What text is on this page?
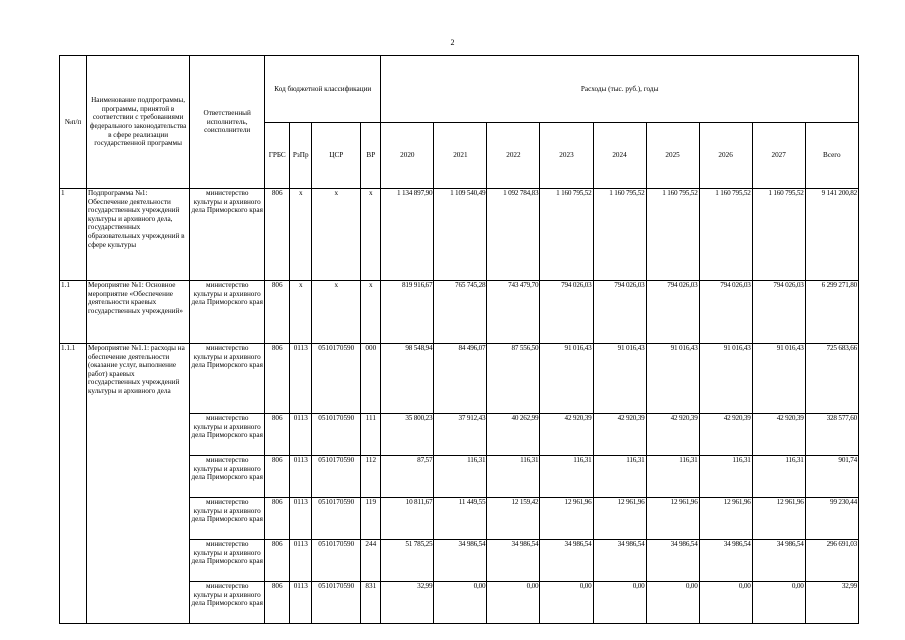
2
№п/п	Наименование подпрограммы, программы, принятой в соответствии с требованиями федерального законодательства в сфере реализации государственной программы	Ответственный исполнитель, соисполнители	Код бюджетной классификации				Расходы (тыс. руб.), годы								
			ГРБС	РзПр	ЦСР	ВР	2020	2021	2022	2023	2024	2025	2026	2027	Всего
1	Подпрограмма №1: Обеспечение деятельности государственных учреждений культуры и архивного дела, государственных образовательных учреждений в сфере культуры	министерство культуры и архивного дела Приморского края	806	x	x	x	1 134 897,90	1 109 540,49	1 092 784,83	1 160 795,52	1 160 795,52	1 160 795,52	1 160 795,52	1 160 795,52	9 141 200,82
1.1	Мероприятие №1: Основное мероприятие «Обеспечение деятельности краевых государственных учреждений»	министерство культуры и архивного дела Приморского края	806	x	x	x	819 916,67	765 745,28	743 479,70	794 026,03	794 026,03	794 026,03	794 026,03	794 026,03	6 299 271,80
1.1.1	Мероприятие №1.1: расходы на обеспечение деятельности (оказание услуг, выполнение работ) краевых государственных учреждений культуры и архивного дела	министерство культуры и архивного дела Приморского края	806	0113	0510170590	000	98 548,94	84 496,07	87 556,50	91 016,43	91 016,43	91 016,43	91 016,43	91 016,43	725 683,66
		министерство культуры и архивного дела Приморского края	806	0113	0510170590	111	35 800,23	37 912,43	40 262,99	42 920,39	42 920,39	42 920,39	42 920,39	42 920,39	328 577,60
		министерство культуры и архивного дела Приморского края	806	0113	0510170590	112	87,57	116,31	116,31	116,31	116,31	116,31	116,31	116,31	901,74
		министерство культуры и архивного дела Приморского края	806	0113	0510170590	119	10 811,67	11 449,55	12 159,42	12 961,96	12 961,96	12 961,96	12 961,96	12 961,96	99 230,44
		министерство культуры и архивного дела Приморского края	806	0113	0510170590	244	51 785,25	34 986,54	34 986,54	34 986,54	34 986,54	34 986,54	34 986,54	34 986,54	296 691,03
		министерство культуры и архивного дела Приморского края	806	0113	0510170590	831	32,99	0,00	0,00	0,00	0,00	0,00	0,00	0,00	32,99
